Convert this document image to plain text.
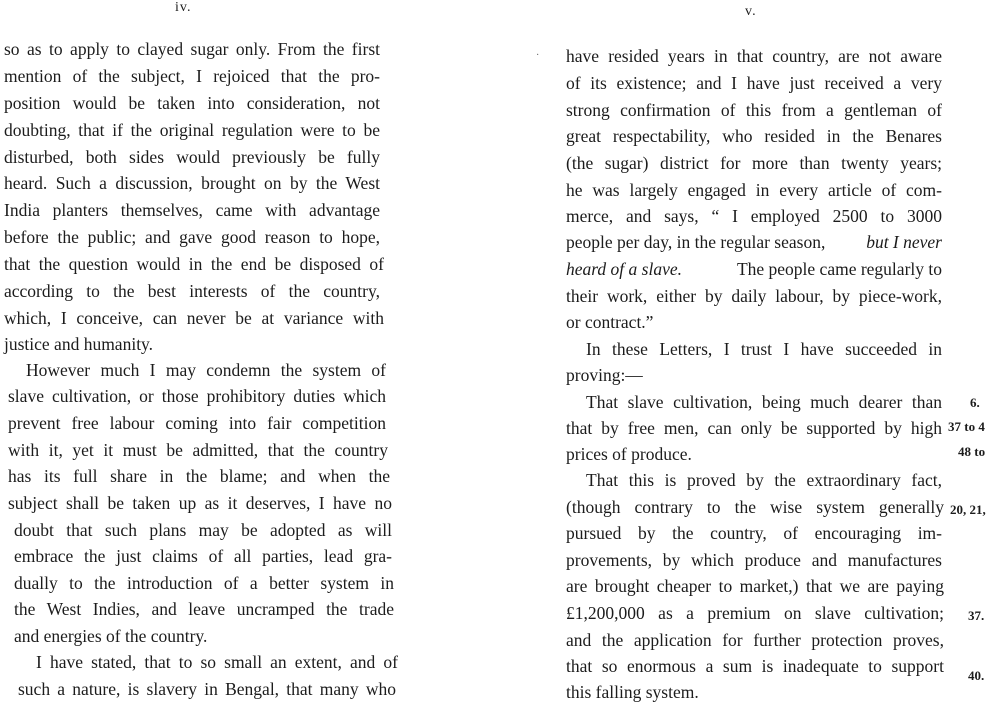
iv.

so as to apply to clayed sugar only. From the first

mention of the subject, I rejoiced that the pro-

position would be taken into consideration, not

doubting, that if the original regulation were to be

disturbed, both sides would previously be fully

heard. Such a discussion, brought on by the West

India planters themselves, came with advantage

before the public; and gave good reason to hope,

that the question would in the end be disposed of

according to the best interests of the country,

which, I conceive, can never be at variance with

justice and humanity.

However much I may condemn the system of

slave cultivation, or those prohibitory duties which

prevent free labour coming into fair competition

with it, yet it must be admitted, that the country

has its full share in the blame; and when the

subject shall be taken up as it deserves, I have no

doubt that such plans may be adopted as will

embrace the just claims of all parties, lead gra-

dually to the introduction of a better system in

the West Indies, and leave uncramped the trade

and energies of the country.

I have stated, that to so small an extent, and of

such a nature, is slavery in Bengal, that many who

·
v.

have resided years in that country, are not aware

of its existence; and I have just received a very

strong confirmation of this from a gentleman of

great respectability, who resided in the Benares

(the sugar) district for more than twenty years;

he was largely engaged in every article of com-

merce, and says, “ I employed 2500 to 3000

people per day, in the regular season, but I never

heard of a slave.	The people came regularly to

their work, either by daily labour, by piece-work,

or contract.”

In these Letters, I trust I have succeeded in

proving:—

That slave cultivation, being much dearer than

that by free men, can only be supported by high

prices of produce.

That this is proved by the extraordinary fact,

(though contrary to the wise system generally

pursued by the country, of encouraging im-

provements, by which produce and manufactures

are brought cheaper to market,) that we are paying

£1,200,000 as a premium on slave cultivation;

and the application for further protection proves,

that so enormous a sum is inadequate to support

this falling system.

6.
37 to 4
48 to
20, 21,
37.
40.
